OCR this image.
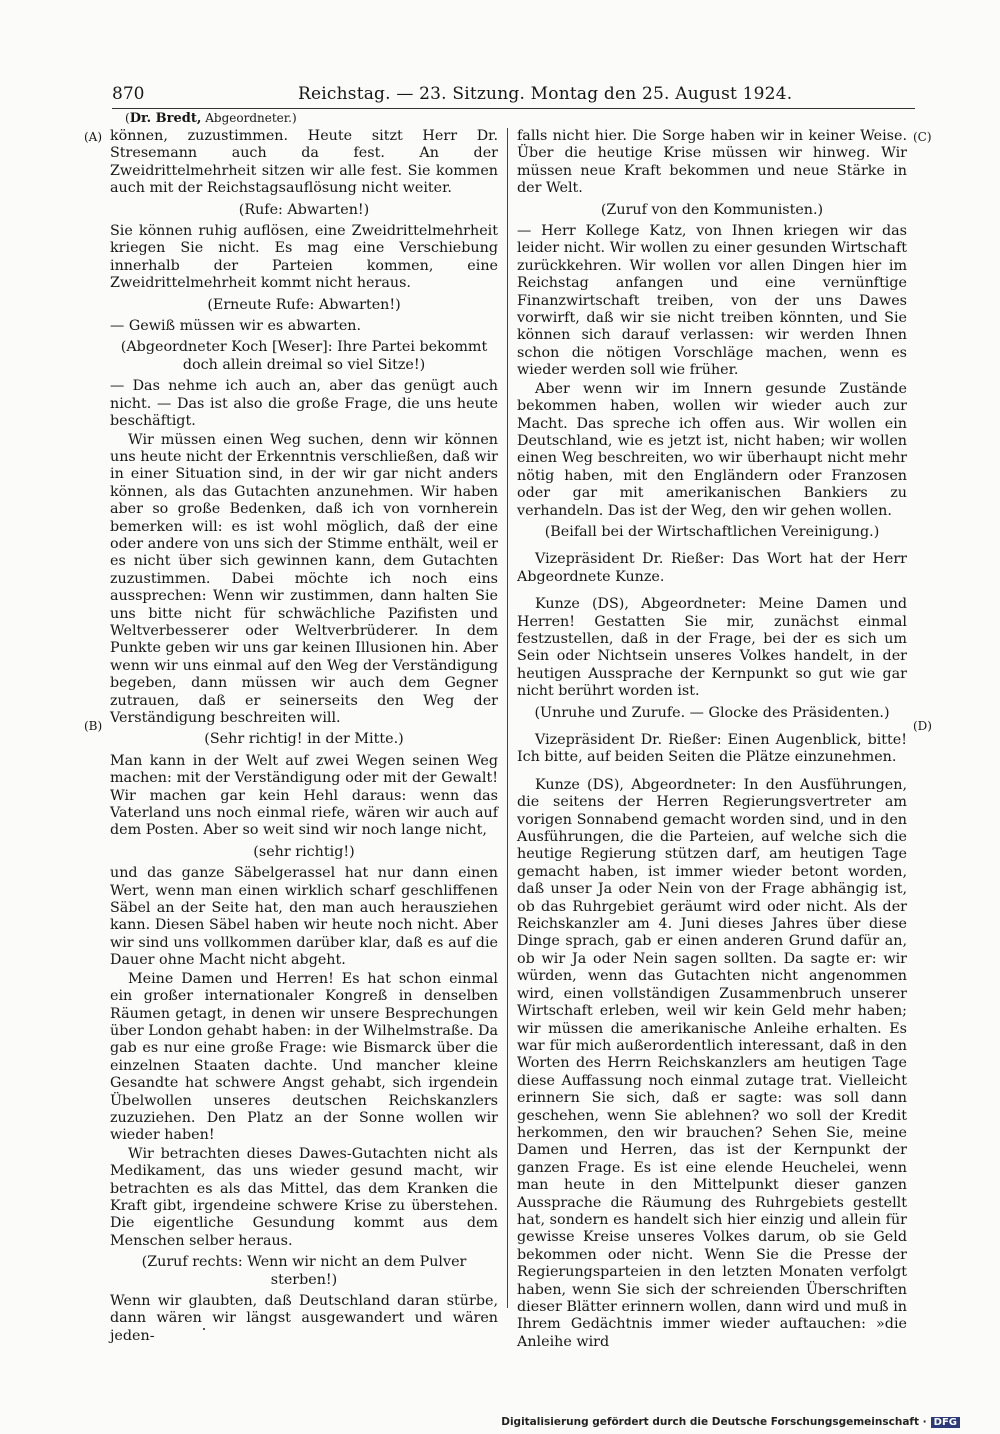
870	Reichstag. — 23. Sitzung. Montag den 25. August 1924.
(Dr. Bredt, Abgeordneter.)
(A)
(B)
(C)
(D)

können, zuzustimmen. Heute sitzt Herr Dr. Stresemann auch da fest. An der Zweidrittelmehrheit sitzen wir alle fest. Sie kommen auch mit der Reichstagsauflösung nicht weiter.

(Rufe: Abwarten!)

Sie können ruhig auflösen, eine Zweidrittelmehrheit kriegen Sie nicht. Es mag eine Verschiebung innerhalb der Parteien kommen, eine Zweidrittelmehrheit kommt nicht heraus.

(Erneute Rufe: Abwarten!)

— Gewiß müssen wir es abwarten.

(Abgeordneter Koch [Weser]: Ihre Partei bekommt doch allein dreimal so viel Sitze!)

— Das nehme ich auch an, aber das genügt auch nicht. — Das ist also die große Frage, die uns heute beschäftigt.

Wir müssen einen Weg suchen, denn wir können uns heute nicht der Erkenntnis verschließen, daß wir in einer Situation sind, in der wir gar nicht anders können, als das Gutachten anzunehmen. Wir haben aber so große Bedenken, daß ich von vornherein bemerken will: es ist wohl möglich, daß der eine oder andere von uns sich der Stimme enthält, weil er es nicht über sich gewinnen kann, dem Gutachten zuzustimmen. Dabei möchte ich noch eins aussprechen: Wenn wir zustimmen, dann halten Sie uns bitte nicht für schwächliche Pazifisten und Weltverbesserer oder Weltverbrüderer. In dem Punkte geben wir uns gar keinen Illusionen hin. Aber wenn wir uns einmal auf den Weg der Verständigung begeben, dann müssen wir auch dem Gegner zutrauen, daß er seinerseits den Weg der Verständigung beschreiten will.

(Sehr richtig! in der Mitte.)

Man kann in der Welt auf zwei Wegen seinen Weg machen: mit der Verständigung oder mit der Gewalt! Wir machen gar kein Hehl daraus: wenn das Vaterland uns noch einmal riefe, wären wir auch auf dem Posten. Aber so weit sind wir noch lange nicht,

(sehr richtig!)

und das ganze Säbelgerassel hat nur dann einen Wert, wenn man einen wirklich scharf geschliffenen Säbel an der Seite hat, den man auch herausziehen kann. Diesen Säbel haben wir heute noch nicht. Aber wir sind uns vollkommen darüber klar, daß es auf die Dauer ohne Macht nicht abgeht.

Meine Damen und Herren! Es hat schon einmal ein großer internationaler Kongreß in denselben Räumen getagt, in denen wir unsere Besprechungen über London gehabt haben: in der Wilhelmstraße. Da gab es nur eine große Frage: wie Bismarck über die einzelnen Staaten dachte. Und mancher kleine Gesandte hat schwere Angst gehabt, sich irgendein Übelwollen unseres deutschen Reichskanzlers zuzuziehen. Den Platz an der Sonne wollen wir wieder haben!

Wir betrachten dieses Dawes-Gutachten nicht als Medikament, das uns wieder gesund macht, wir betrachten es als das Mittel, das dem Kranken die Kraft gibt, irgendeine schwere Krise zu überstehen. Die eigentliche Gesundung kommt aus dem Menschen selber heraus.

(Zuruf rechts: Wenn wir nicht an dem Pulver sterben!)

Wenn wir glaubten, daß Deutschland daran stürbe, dann wären wir längst ausgewandert und wären jeden-

falls nicht hier. Die Sorge haben wir in keiner Weise. Über die heutige Krise müssen wir hinweg. Wir müssen neue Kraft bekommen und neue Stärke in der Welt.

(Zuruf von den Kommunisten.)

— Herr Kollege Katz, von Ihnen kriegen wir das leider nicht. Wir wollen zu einer gesunden Wirtschaft zurückkehren. Wir wollen vor allen Dingen hier im Reichstag anfangen und eine vernünftige Finanzwirtschaft treiben, von der uns Dawes vorwirft, daß wir sie nicht treiben könnten, und Sie können sich darauf verlassen: wir werden Ihnen schon die nötigen Vorschläge machen, wenn es wieder werden soll wie früher.

Aber wenn wir im Innern gesunde Zustände bekommen haben, wollen wir wieder auch zur Macht. Das spreche ich offen aus. Wir wollen ein Deutschland, wie es jetzt ist, nicht haben; wir wollen einen Weg beschreiten, wo wir überhaupt nicht mehr nötig haben, mit den Engländern oder Franzosen oder gar mit amerikanischen Bankiers zu verhandeln. Das ist der Weg, den wir gehen wollen.

(Beifall bei der Wirtschaftlichen Vereinigung.)

Vizepräsident Dr. Rießer: Das Wort hat der Herr Abgeordnete Kunze.

Kunze (DS), Abgeordneter: Meine Damen und Herren! Gestatten Sie mir, zunächst einmal festzustellen, daß in der Frage, bei der es sich um Sein oder Nichtsein unseres Volkes handelt, in der heutigen Aussprache der Kernpunkt so gut wie gar nicht berührt worden ist.

(Unruhe und Zurufe. — Glocke des Präsidenten.)

Vizepräsident Dr. Rießer: Einen Augenblick, bitte! Ich bitte, auf beiden Seiten die Plätze einzunehmen.

Kunze (DS), Abgeordneter: In den Ausführungen, die seitens der Herren Regierungsvertreter am vorigen Sonnabend gemacht worden sind, und in den Ausführungen, die die Parteien, auf welche sich die heutige Regierung stützen darf, am heutigen Tage gemacht haben, ist immer wieder betont worden, daß unser Ja oder Nein von der Frage abhängig ist, ob das Ruhrgebiet geräumt wird oder nicht. Als der Reichskanzler am 4. Juni dieses Jahres über diese Dinge sprach, gab er einen anderen Grund dafür an, ob wir Ja oder Nein sagen sollten. Da sagte er: wir würden, wenn das Gutachten nicht angenommen wird, einen vollständigen Zusammenbruch unserer Wirtschaft erleben, weil wir kein Geld mehr haben; wir müssen die amerikanische Anleihe erhalten. Es war für mich außerordentlich interessant, daß in den Worten des Herrn Reichskanzlers am heutigen Tage diese Auffassung noch einmal zutage trat. Vielleicht erinnern Sie sich, daß er sagte: was soll dann geschehen, wenn Sie ablehnen? wo soll der Kredit herkommen, den wir brauchen? Sehen Sie, meine Damen und Herren, das ist der Kernpunkt der ganzen Frage. Es ist eine elende Heuchelei, wenn man heute in den Mittelpunkt dieser ganzen Aussprache die Räumung des Ruhrgebiets gestellt hat, sondern es handelt sich hier einzig und allein für gewisse Kreise unseres Volkes darum, ob sie Geld bekommen oder nicht. Wenn Sie die Presse der Regierungsparteien in den letzten Monaten verfolgt haben, wenn Sie sich der schreienden Überschriften dieser Blätter erinnern wollen, dann wird und muß in Ihrem Gedächtnis immer wieder auftauchen: »die Anleihe wird

Digitalisierung gefördert durch die Deutsche Forschungsgemeinschaft · DFG
